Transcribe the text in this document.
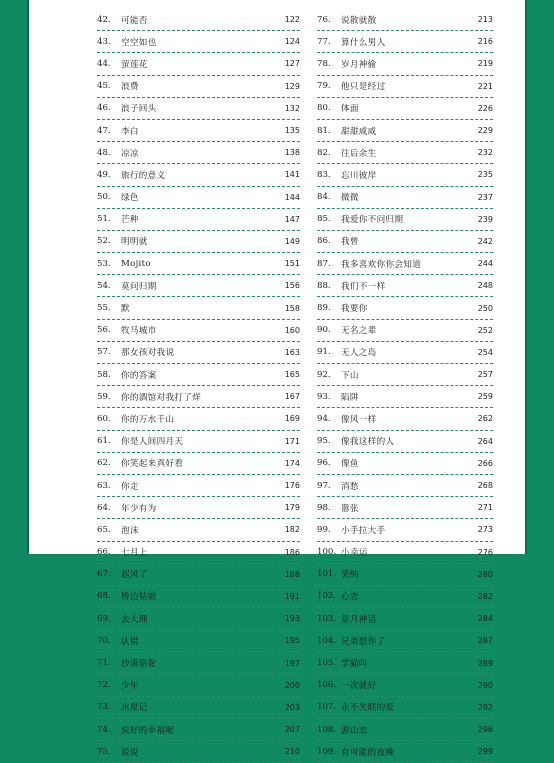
42.	可能否	122
43.	空空如也	124
44.	萤莲花	127
45.	浪费	129
46.	浪子回头	132
47.	李白	135
48.	凉凉	138
49.	旅行的意义	141
50.	绿色	144
51.	芒种	147
52.	明明就	149
53.	Mojito	151
54.	莫问归期	156
55.	默	158
56.	牧马城市	160
57.	那女孩对我说	163
58.	你的答案	165
59.	你的酒馆对我打了烊	167
60.	你的万水千山	169
61.	你是人间四月天	171
62.	你笑起来真好看	174
63.	你走	176
64.	年少有为	179
65.	泡沫	182
66.	七月上	186
67.	起风了	188
68.	桥边姑娘	191
69.	去大理	193
70.	认错	195
71.	沙漠骆驼	197
72.	少年	200
73.	水星记	203
74.	说好的幸福呢	207
75.	说说	210
76.	说散就散	213
77.	算什么男人	216
78.	岁月神偷	219
79.	他只是经过	221
80.	体面	226
81.	甜甜咸咸	229
82.	往后余生	232
83.	忘川彼岸	235
84.	微微	237
85.	我爱你不问归期	239
86.	我曾	242
87.	我多喜欢你你会知道	244
88.	我们不一样	248
89.	我要你	250
90.	无名之辈	252
91.	无人之岛	254
92.	下山	257
93.	陷阱	259
94.	像风一样	262
95.	像我这样的人	264
96.	像鱼	266
97.	消愁	268
98.	嚣张	271
99.	小手拉大手	273
100. 小幸运	276
101. 笑纳	280
102. 心恋	282
103. 星月神话	284
104. 兄弟想你了	287
105. 学猫叫	289
106. 一次就好	290
107. 永不失联的爱	292
108. 游山恋	296
109. 有可能的夜晚	299
